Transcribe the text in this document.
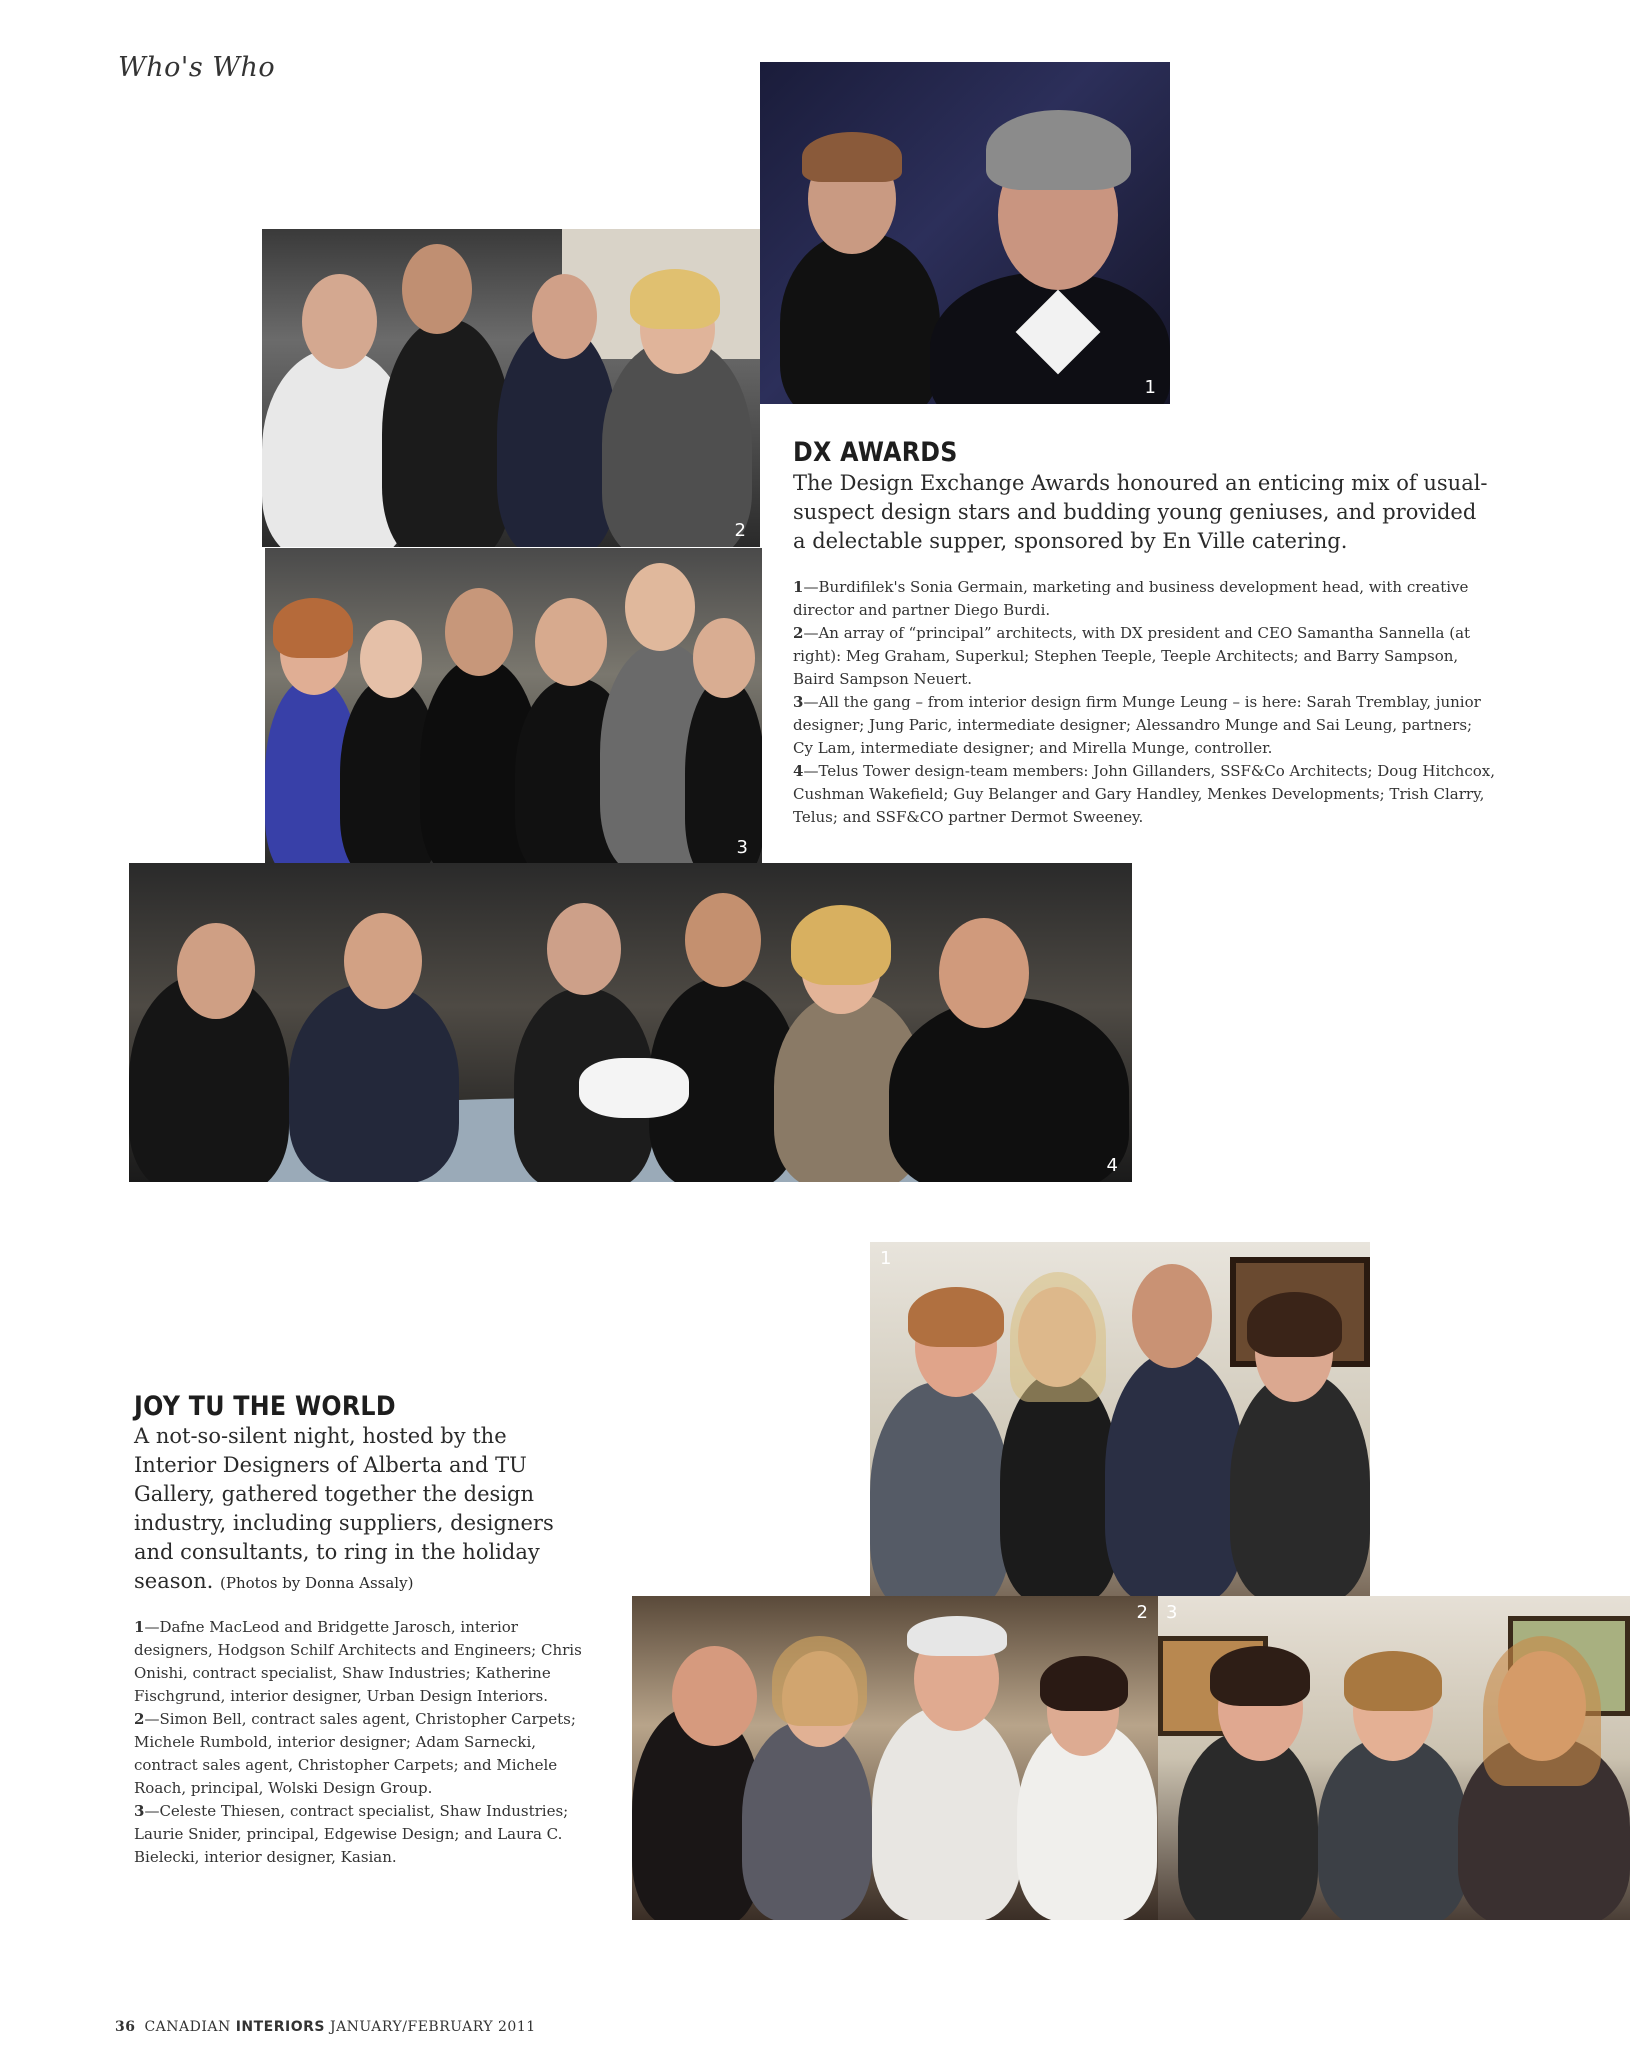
Who's Who
1
2
3
4
DX AWARDS

The Design Exchange Awards honoured an enticing mix of usual-suspect design stars and budding young geniuses, and provided a delectable supper, sponsored by En Ville catering.

1—Burdifilek's Sonia Germain, marketing and business development head, with creative director and partner Diego Burdi.
2—An array of “principal” architects, with DX president and CEO Samantha Sannella (at right): Meg Graham, Superkul; Stephen Teeple, Teeple Architects; and Barry Sampson, Baird Sampson Neuert.
3—All the gang – from interior design firm Munge Leung – is here: Sarah Tremblay, junior designer; Jung Paric, intermediate designer; Alessandro Munge and Sai Leung, partners; Cy Lam, intermediate designer; and Mirella Munge, controller.
4—Telus Tower design-team members: John Gillanders, SSF&Co Architects; Doug Hitchcox, Cushman Wakefield; Guy Belanger and Gary Handley, Menkes Developments; Trish Clarry, Telus; and SSF&CO partner Dermot Sweeney.
1
2 3
JOY TU THE WORLD

A not-so-silent night, hosted by the Interior Designers of Alberta and TU Gallery, gathered together the design industry, including suppliers, designers and consultants, to ring in the holiday season. (Photos by Donna Assaly)

1—Dafne MacLeod and Bridgette Jarosch, interior designers, Hodgson Schilf Architects and Engineers; Chris Onishi, contract specialist, Shaw Industries; Katherine Fischgrund, interior designer, Urban Design Interiors.
2—Simon Bell, contract sales agent, Christopher Carpets; Michele Rumbold, interior designer; Adam Sarnecki, contract sales agent, Christopher Carpets; and Michele Roach, principal, Wolski Design Group.
3—Celeste Thiesen, contract specialist, Shaw Industries; Laurie Snider, principal, Edgewise Design; and Laura C. Bielecki, interior designer, Kasian.
36 CANADIAN INTERIORS JANUARY/FEBRUARY 2011
